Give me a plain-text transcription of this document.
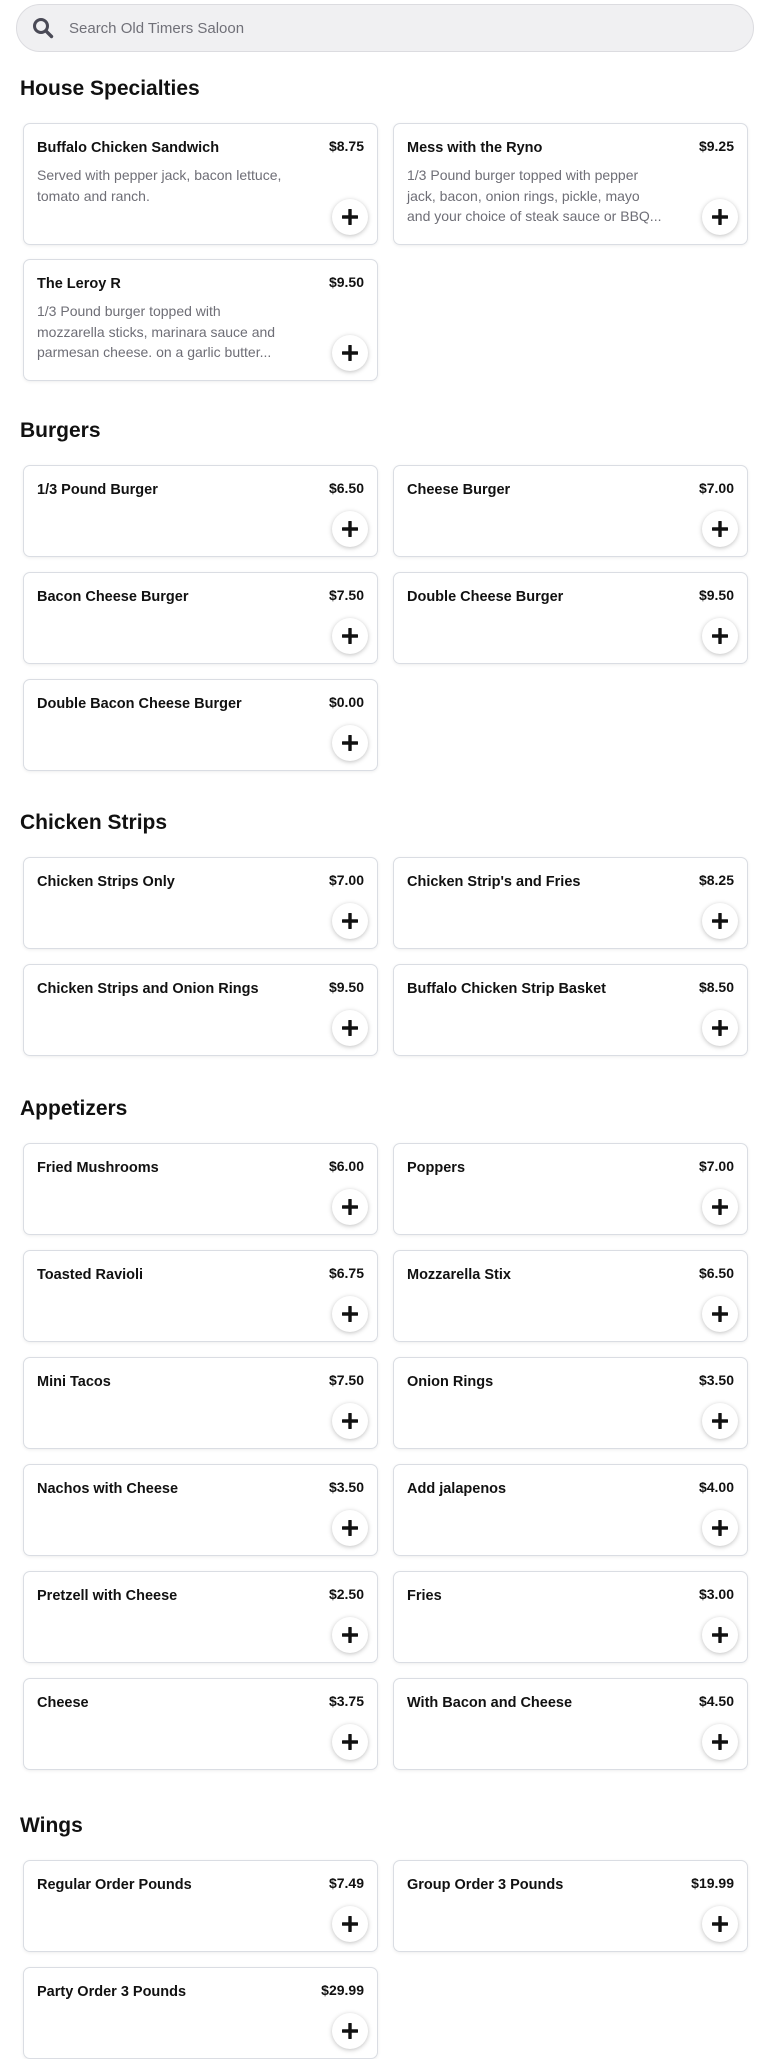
Search Old Timers Saloon
House Specialties
Buffalo Chicken Sandwich	$8.75
Served with pepper jack, bacon lettuce,
tomato and ranch.
Mess with the Ryno	$9.25
1/3 Pound burger topped with pepper
jack, bacon, onion rings, pickle, mayo
and your choice of steak sauce or BBQ...
The Leroy R	$9.50
1/3 Pound burger topped with
mozzarella sticks, marinara sauce and
parmesan cheese. on a garlic butter...
Burgers
1/3 Pound Burger	$6.50	Cheese Burger	$7.00
Bacon Cheese Burger	$7.50	Double Cheese Burger	$9.50
Double Bacon Cheese Burger	$0.00
Chicken Strips
Chicken Strips Only	$7.00	Chicken Strip's and Fries	$8.25
Chicken Strips and Onion Rings	$9.50	Buffalo Chicken Strip Basket	$8.50
Appetizers
Fried Mushrooms	$6.00	Poppers	$7.00
Toasted Ravioli	$6.75	Mozzarella Stix	$6.50
Mini Tacos	$7.50	Onion Rings	$3.50
Nachos with Cheese	$3.50	Add jalapenos	$4.00
Pretzell with Cheese	$2.50	Fries	$3.00
Cheese	$3.75	With Bacon and Cheese	$4.50
Wings
Regular Order Pounds	$7.49	Group Order 3 Pounds	$19.99
Party Order 3 Pounds	$29.99
